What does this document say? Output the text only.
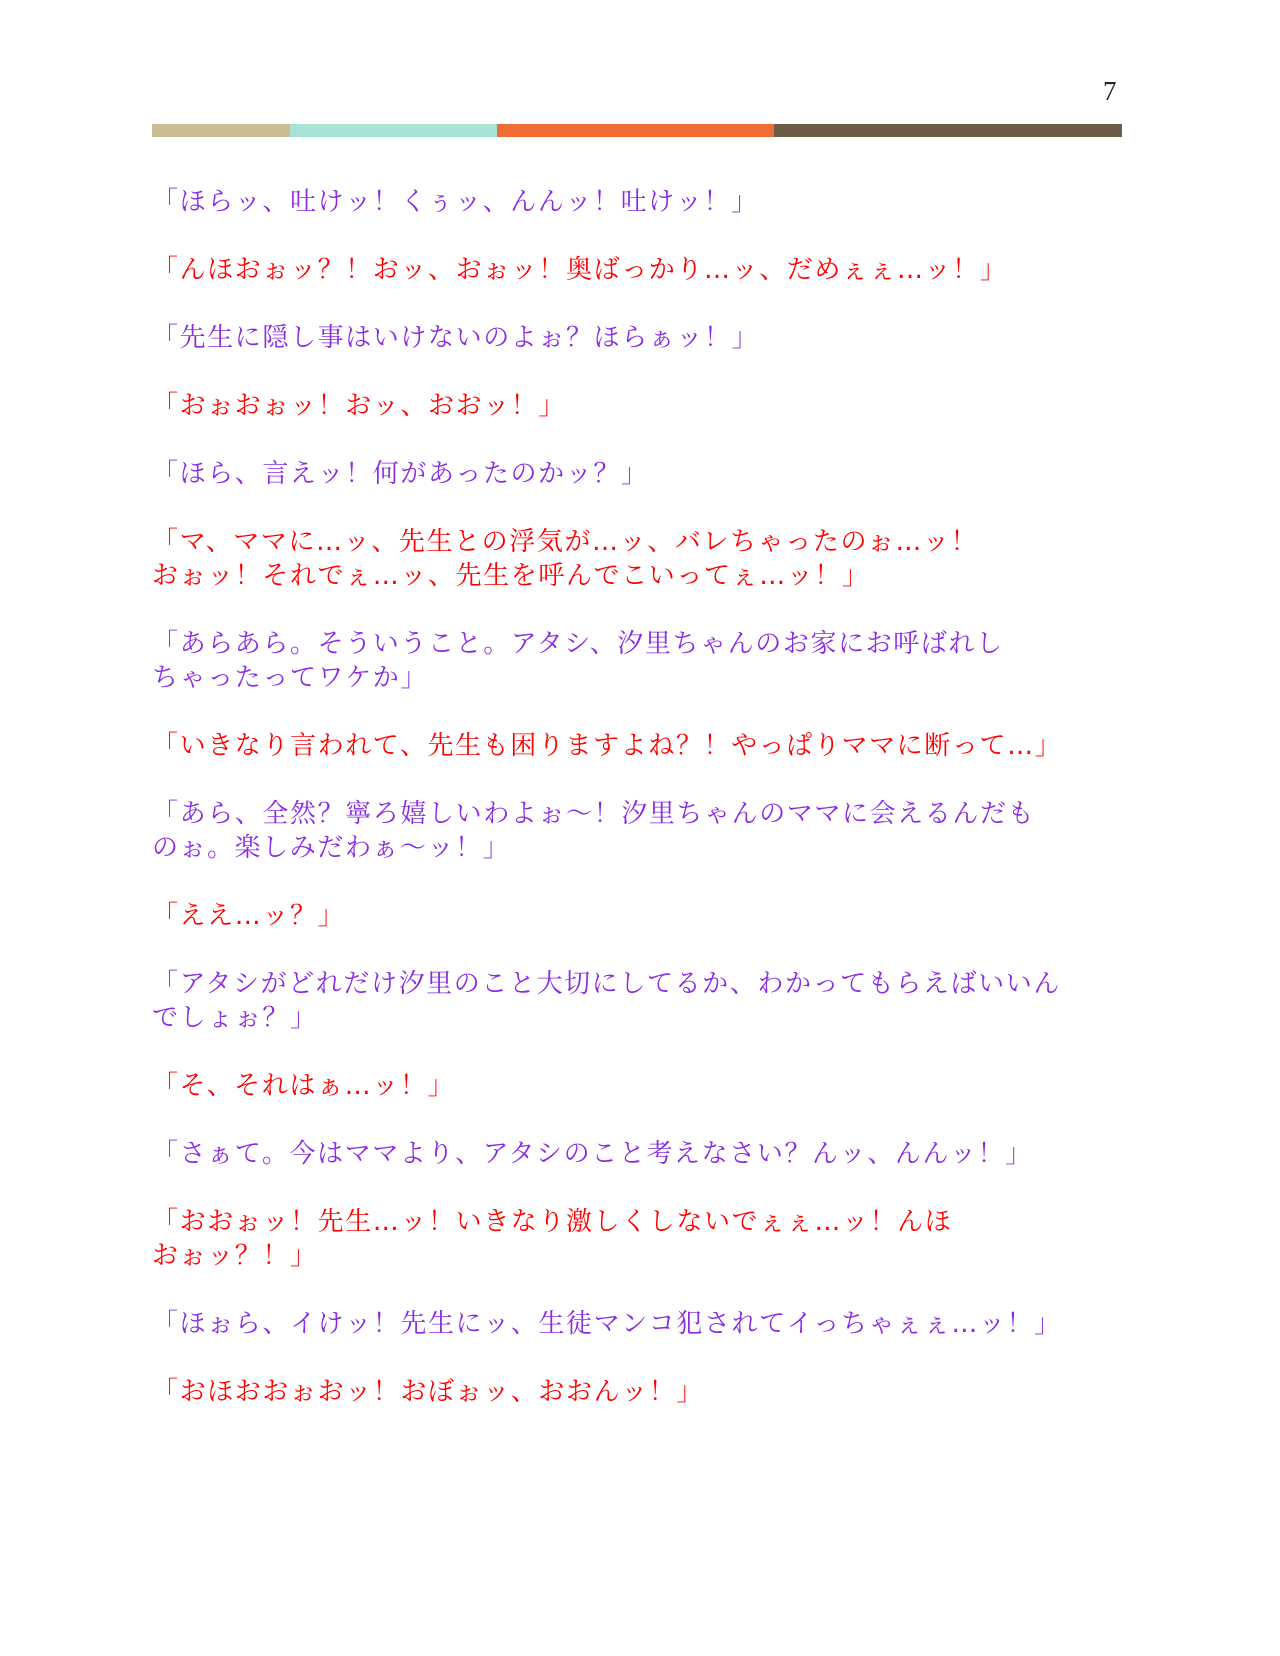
7
「ほらッ、吐けッ！くぅッ、んんッ！吐けッ！」
「んほおぉッ？！おッ、おぉッ！奥ばっかり…ッ、だめぇぇ…ッ！」
「先生に隠し事はいけないのよぉ？ほらぁッ！」
「おぉおぉッ！おッ、おおッ！」
「ほら、言えッ！何があったのかッ？」
「マ、ママに…ッ、先生との浮気が…ッ、バレちゃったのぉ…ッ！
おぉッ！それでぇ…ッ、先生を呼んでこいってぇ…ッ！」
「あらあら。そういうこと。アタシ、汐里ちゃんのお家にお呼ばれし
ちゃったってワケか」
「いきなり言われて、先生も困りますよね？！やっぱりママに断って…」
「あら、全然？寧ろ嬉しいわよぉ～！汐里ちゃんのママに会えるんだも
のぉ。楽しみだわぁ～ッ！」
「ええ…ッ？」
「アタシがどれだけ汐里のこと大切にしてるか、わかってもらえばいいん
でしょぉ？」
「そ、それはぁ…ッ！」
「さぁて。今はママより、アタシのこと考えなさい？んッ、んんッ！」
「おおぉッ！先生…ッ！いきなり激しくしないでぇぇ…ッ！んほ
おぉッ？！」
「ほぉら、イけッ！先生にッ、生徒マンコ犯されてイっちゃぇぇ…ッ！」
「おほおおぉおッ！おぼぉッ、おおんッ！」
